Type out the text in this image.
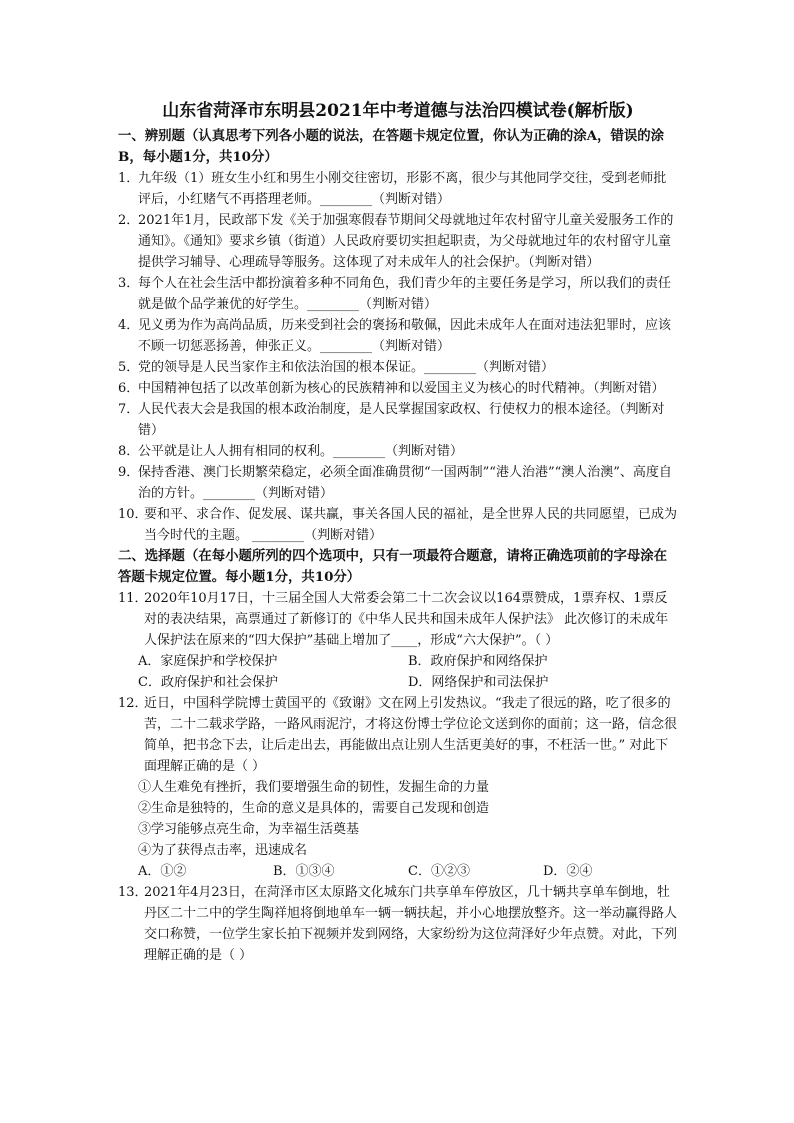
山东省菏泽市东明县2021年中考道德与法治四模试卷(解析版)

一、辨别题（认真思考下列各小题的说法，在答题卡规定位置，你认为正确的涂A，错误的涂B，每小题1分，共10分）

1．
九年级（1）班女生小红和男生小刚交往密切，形影不离，很少与其他同学交往，受到老师批评后，小红赌气不再搭理老师。________（判断对错）
2．
2021年1月，民政部下发《关于加强寒假春节期间父母就地过年农村留守儿童关爱服务工作的通知》。《通知》要求乡镇（街道）人民政府要切实担起职责，为父母就地过年的农村留守儿童提供学习辅导、心理疏导等服务。这体现了对未成年人的社会保护。（判断对错）
3．
每个人在社会生活中都扮演着多种不同角色，我们青少年的主要任务是学习，所以我们的责任就是做个品学兼优的好学生。________（判断对错）
4．
见义勇为作为高尚品质，历来受到社会的褒扬和敬佩，因此未成年人在面对违法犯罪时，应该不顾一切惩恶扬善，伸张正义。________（判断对错）
5．
党的领导是人民当家作主和依法治国的根本保证。________（判断对错）
6．
中国精神包括了以改革创新为核心的民族精神和以爱国主义为核心的时代精神。（判断对错）
7．
人民代表大会是我国的根本政治制度，是人民掌握国家政权、行使权力的根本途径。（判断对错）
8．
公平就是让人人拥有相同的权利。________（判断对错）
9．
保持香港、澳门长期繁荣稳定，必须全面准确贯彻“一国两制”“港人治港”“澳人治澳”、高度自治的方针。________（判断对错）
10．
要和平、求合作、促发展、谋共赢，事关各国人民的福祉，是全世界人民的共同愿望，已成为当今时代的主题。 ________（判断对错）

二、选择题（在每小题所列的四个选项中，只有一项最符合题意，请将正确选项前的字母涂在答题卡规定位置。每小题1分，共10分）

11．
2020年10月17日，十三届全国人大常委会第二十二次会议以164票赞成，1票弃权、1票反对的表决结果，高票通过了新修订的《中华人民共和国未成年人保护法》 此次修订的未成年人保护法在原来的“四大保护”基础上增加了____，形成“六大保护”。（ ）
A．家庭保护和学校保护	B．政府保护和网络保护
C．政府保护和社会保护	D．网络保护和司法保护
12．
近日，中国科学院博士黄国平的《致谢》文在网上引发热议。“我走了很远的路，吃了很多的苦，二十二载求学路，一路风雨泥泞，才将这份博士学位论文送到你的面前；这一路，信念很简单，把书念下去，让后走出去，再能做出点让别人生活更美好的事，不枉活一世。” 对此下面理解正确的是（ ）

①人生难免有挫折，我们要增强生命的韧性，发掘生命的力量

②生命是独特的，生命的意义是具体的，需要自己发现和创造

③学习能够点亮生命，为幸福生活奠基

④为了获得点击率，迅速成名

A．①②	B．①③④	C．①②③	D．②④
13．
2021年4月23日，在菏泽市区太原路文化城东门共享单车停放区，几十辆共享单车倒地，牡丹区二十二中的学生陶祥旭将倒地单车一辆一辆扶起，并小心地摆放整齐。这一举动赢得路人交口称赞，一位学生家长拍下视频并发到网络，大家纷纷为这位菏泽好少年点赞。对此，下列理解正确的是（ ）
